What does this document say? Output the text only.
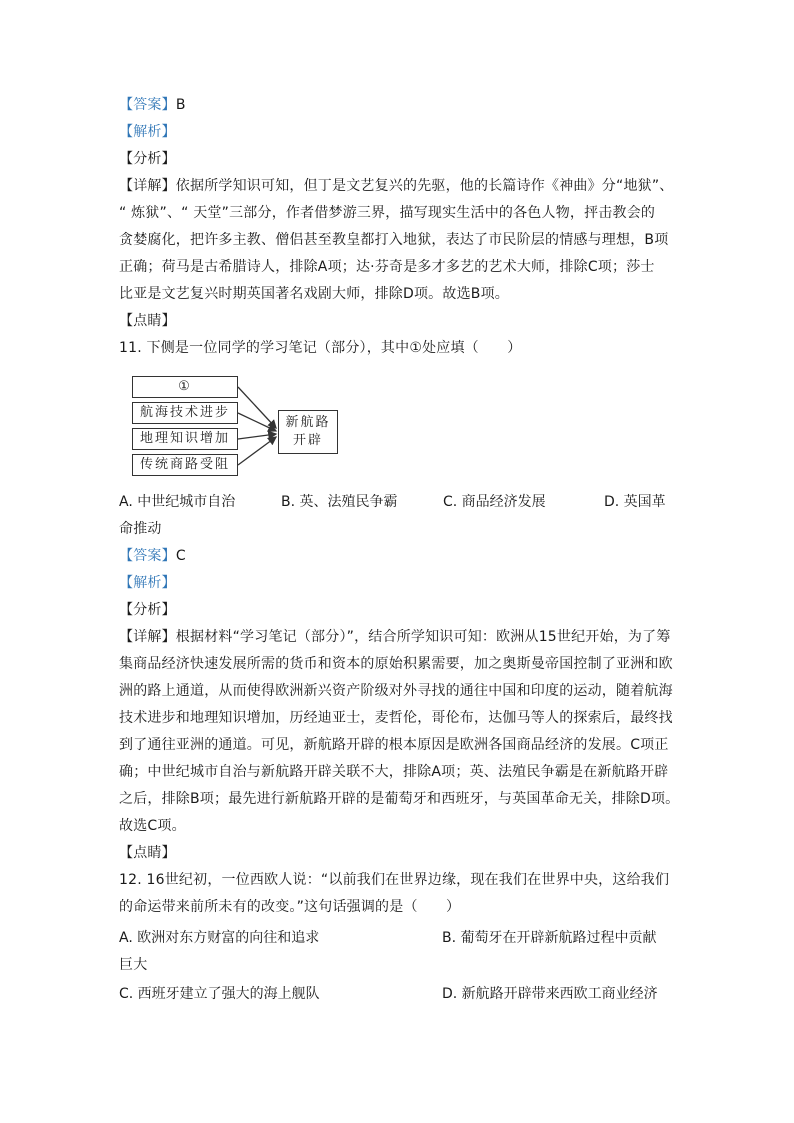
【答案】B
【解析】
【分析】
【详解】依据所学知识可知，但丁是文艺复兴的先驱，他的长篇诗作《神曲》分“地狱”、
“ 炼狱”、“ 天堂”三部分，作者借梦游三界，描写现实生活中的各色人物，抨击教会的
贪婪腐化，把许多主教、僧侣甚至教皇都打入地狱，表达了市民阶层的情感与理想，B项
正确；荷马是古希腊诗人，排除A项；达·芬奇是多才多艺的艺术大师，排除C项；莎士
比亚是文艺复兴时期英国著名戏剧大师，排除D项。故选B项。
【点睛】
11. 下侧是一位同学的学习笔记（部分），其中①处应填（　　）
①
航海技术进步
地理知识增加
传统商路受阻
新航路
开辟
A. 中世纪城市自治	B. 英、法殖民争霸	C. 商品经济发展	D. 英国革
命推动
【答案】C
【解析】
【分析】
【详解】根据材料“学习笔记（部分）”，结合所学知识可知：欧洲从15世纪开始，为了筹
集商品经济快速发展所需的货币和资本的原始积累需要，加之奥斯曼帝国控制了亚洲和欧
洲的路上通道，从而使得欧洲新兴资产阶级对外寻找的通往中国和印度的运动，随着航海
技术进步和地理知识增加，历经迪亚士，麦哲伦，哥伦布，达伽马等人的探索后，最终找
到了通往亚洲的通道。可见，新航路开辟的根本原因是欧洲各国商品经济的发展。C项正
确；中世纪城市自治与新航路开辟关联不大，排除A项；英、法殖民争霸是在新航路开辟
之后，排除B项；最先进行新航路开辟的是葡萄牙和西班牙，与英国革命无关，排除D项。
故选C项。
【点睛】
12. 16世纪初，一位西欧人说：“以前我们在世界边缘，现在我们在世界中央，这给我们
的命运带来前所未有的改变。”这句话强调的是（　　）
A. 欧洲对东方财富的向往和追求	B. 葡萄牙在开辟新航路过程中贡献
巨大
C. 西班牙建立了强大的海上舰队	D. 新航路开辟带来西欧工商业经济
